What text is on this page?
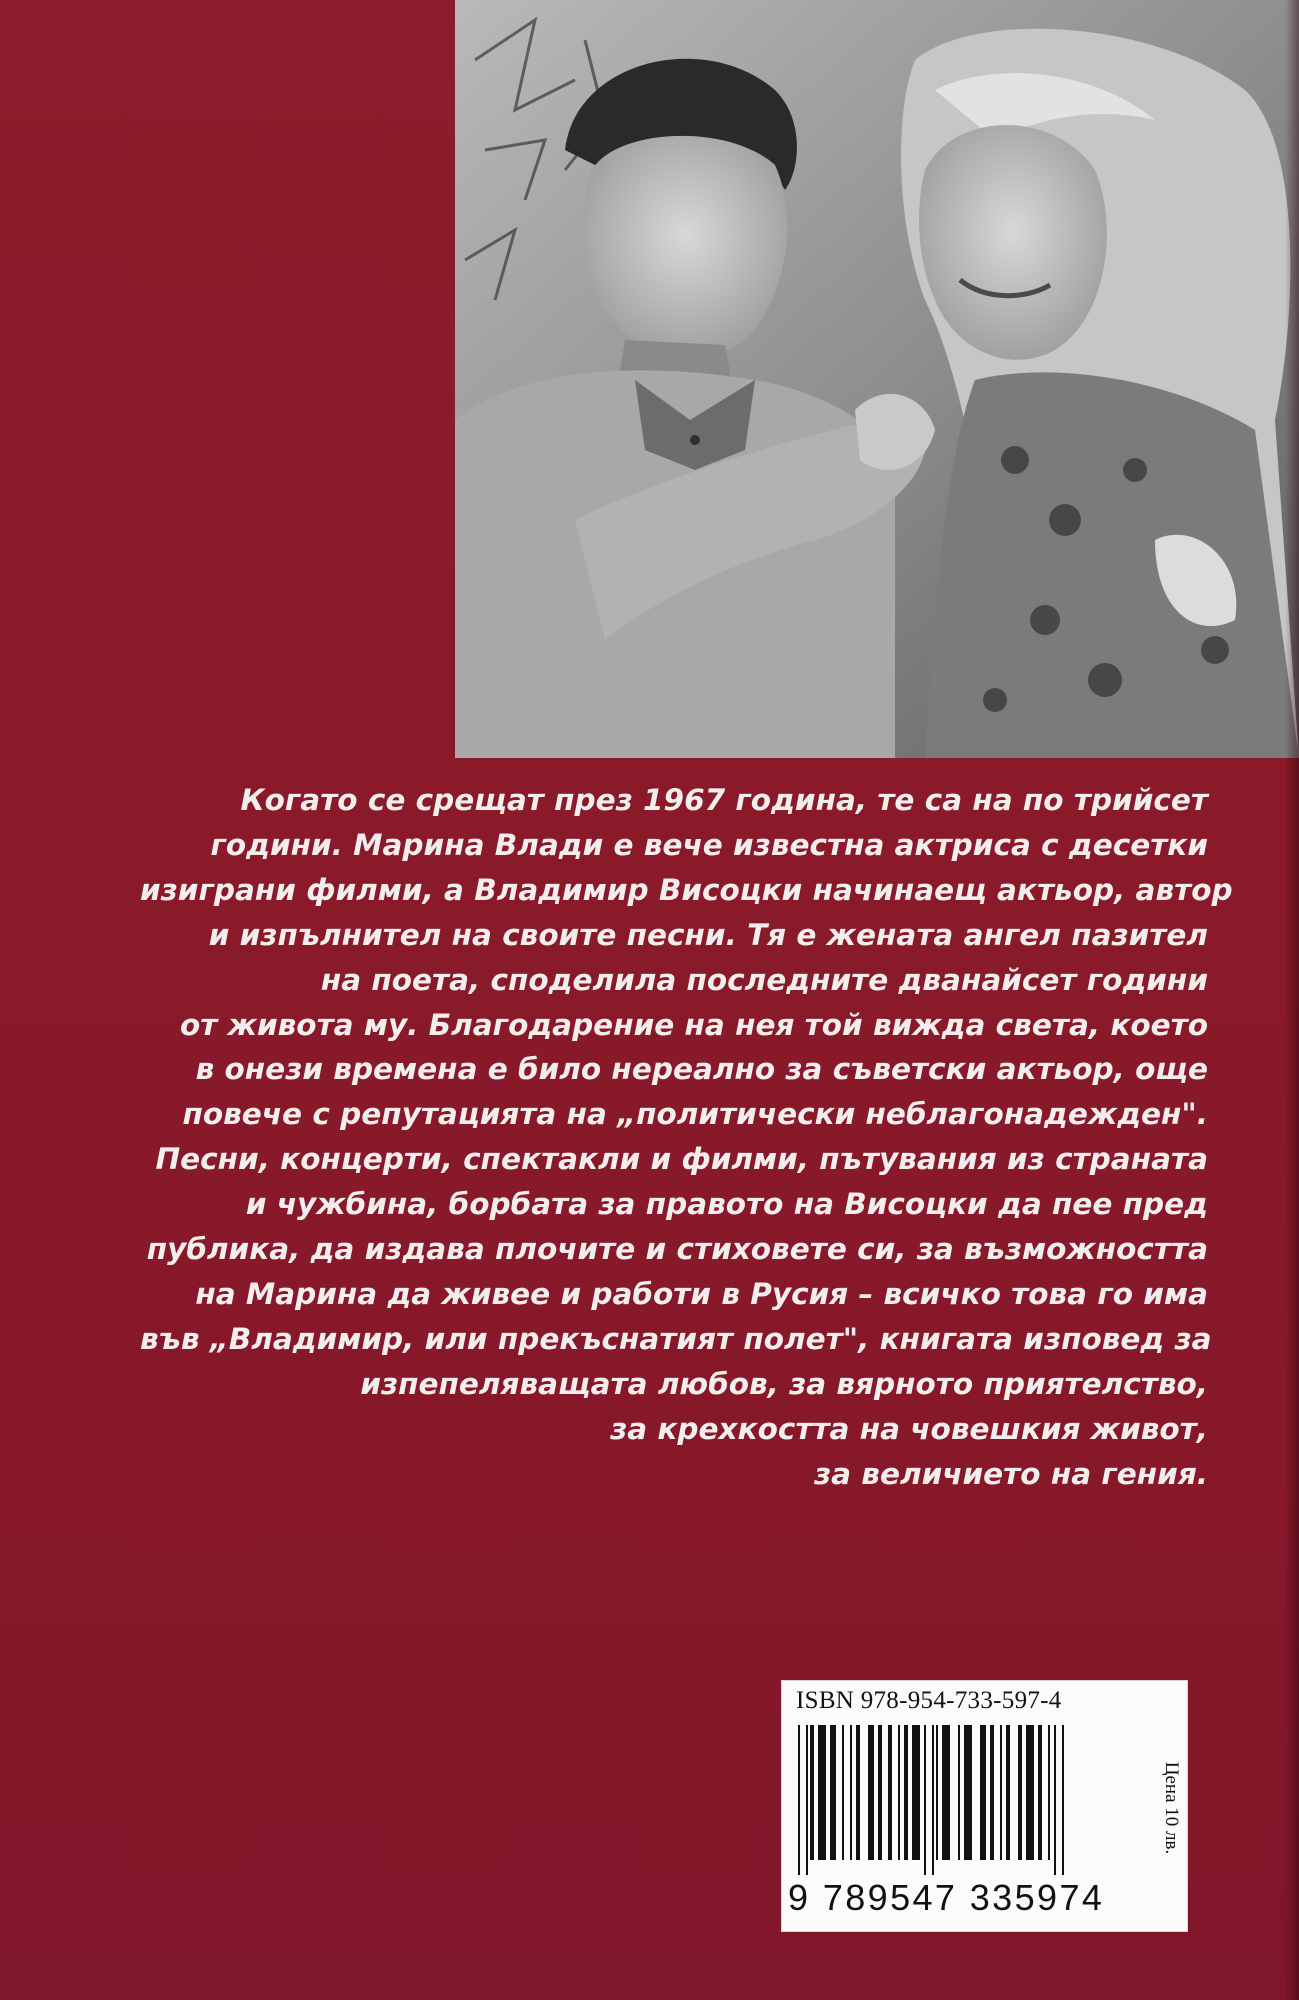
Когато се срещат през 1967 година, те са на по трийсет
години. Марина Влади е вече известна актриса с десетки
изиграни филми, а Владимир Висоцки начинаещ актьор, автор
и изпълнител на своите песни. Тя е жената ангел пазител
на поета, споделила последните дванайсет години
от живота му. Благодарение на нея той вижда света, което
в онези времена е било нереално за съветски актьор, още
повече с репутацията на „политически неблагонадежден".
Песни, концерти, спектакли и филми, пътувания из страната
и чужбина, борбата за правото на Висоцки да пее пред
публика, да издава плочите и стиховете си, за възможността
на Марина да живее и работи в Русия – всичко това го има
във „Владимир, или прекъснатият полет", книгата изповед за
изпепеляващата любов, за вярното приятелство,
за крехкостта на човешкия живот,
за величието на гения.
ISBN 978-954-733-597-4
9 789547 335974
Цена 10 лв.
